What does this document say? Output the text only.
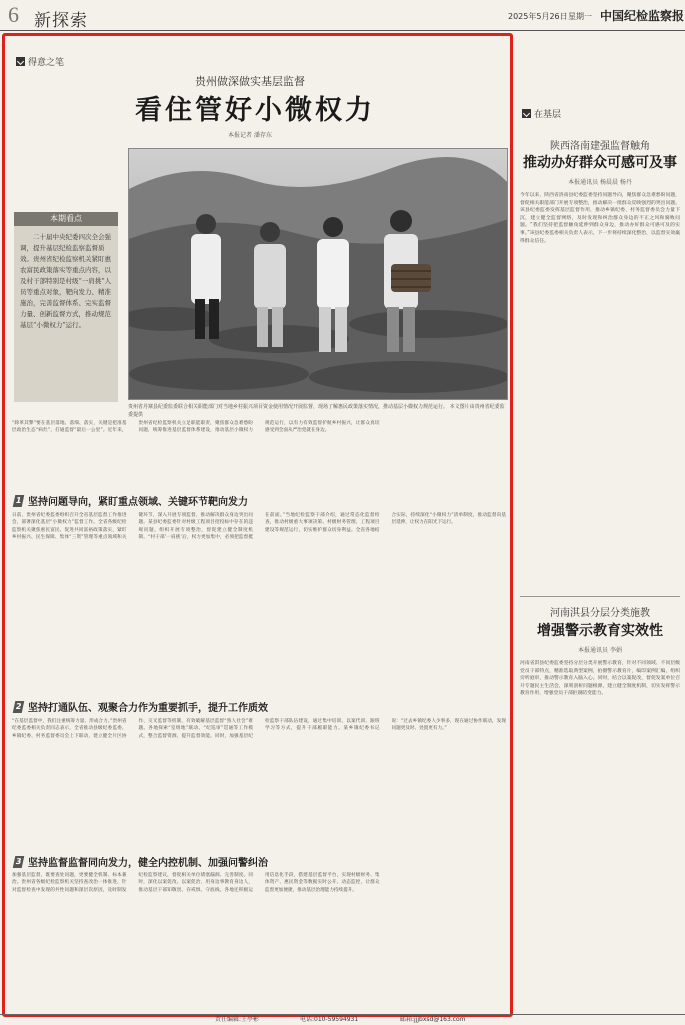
6 新探索	2025年5月26日 星期一 中国纪检监察报
得意之笔
贵州做深做实基层监督
看住管好小微权力
本报记者 潘存东
贵州省丹寨县纪委监委联合相关职能部门对当地乡村振兴项目资金使用情况开展监督，现场了解惠民政策落实情况，推动基层小微权力规范运行。 本文图片由贵州省纪委监委提供
本期看点
二十届中央纪委四次全会强调，提升基层纪检监察监督质效。贵州省纪检监察机关紧盯惠农富民政策落实等重点内容，以及村干部特别是村级“一肩挑”人员等重点对象，靶向发力、精准施治，完善监督体系、完实监督力量、创新监督方式，推动规范基层“小微权力”运行。
“除革其弊”要在基层落地、落细、落实，关键是把准基层政治生态“病灶”，打通监督“最后一公里”。近年来，贵州省纪检监察机关立足职能职责，聚焦群众急难愁盼问题，统筹推进基层监督体系建设，推动基层小微权力规范运行，以有力有效监督护航乡村振兴，让群众真切感受到全面从严治党就在身边。
1 坚持问题导向，紧盯重点领域、关键环节靶向发力
日前，贵州省纪委监委组织召开全省基层监督工作推进会，部署深化基层“小微权力”监督工作。全省各级纪检监察机关聚焦惠民富民、促进共同富裕政策落实，紧盯乡村振兴、民生保障、集体“三资”管理等重点领域和关键环节，深入开展专项监督，推动解决群众身边突出问题。某县纪委监委针对村级工程项目招投标中存在的违规问题，组织开展专项整治，督促建立健全制度机制。“村干部‘一肩挑’后，权力更加集中，必须把监督挺在前面。”当地纪检监察干部介绍，通过常态化监督检查，推动村级重大事项决策、村级财务管理、工程项目建设等规范运行，切实维护群众切身利益。全省各地结合实际，持续深化“小微权力”清单制度，推动监督向基层延伸，让权力在阳光下运行。
2 坚持打通队伍、观聚合力作为重要抓手，提升工作质效
“在基层监督中，我们注重统筹力量、形成合力。”贵州省纪委监委相关负责同志表示，全省推动县级纪委监委、乡镇纪委、村务监督委员会上下联动，建立健全片区协作、交叉监督等机制，有效破解基层监督“熟人社会”难题。各地探索“室组地”联动、“纪巡审”贯通等工作模式，整合监督资源，提升监督效能。同时，加强基层纪检监察干部队伍建设，通过集中培训、以案代训、跟班学习等方式，提升干部履职能力。某乡镇纪委书记说：“过去乡镇纪委人少事多，现在通过协作联动，发现问题更及时、处置更有力。”
3 坚持监督监督同向发力，健全内控机制、加强问警纠治
加强基层监督，既要查处问题，更要健全机制、标本兼治。贵州省各级纪检监察机关坚持查改治一体推进，针对监督检查中发现的共性问题和深层次原因，及时制发纪检监察建议，督促相关单位堵塞漏洞、完善制度。同时，深化以案促改、以案促治，用身边事教育身边人，推动基层干部知敬畏、存戒惧、守底线。各地还积极运用信息化手段，搭建基层监督平台，实现村级财务、集体资产、惠民资金等数据实时公开、动态监控，让群众监督更加便捷，推动基层治理能力持续提升。
在基层
陕西洛南建强监督触角
推动办好群众可感可及事
本报通讯员 杨晨晨 杨丹
今年以来，陕西省洛南县纪委监委坚持问题导向，聚焦群众急难愁盼问题，督促相关职能部门开展专项整治，推动解决一批群众反映强烈的突出问题。该县纪委监委发挥基层监督作用，推动乡镇纪委、村务监督委员会力量下沉，建立健全监督网络，及时发现和纠治群众身边的不正之风和腐败问题。“我们坚持把监督触角延伸到群众身边，推动办好群众可感可及的实事。”该县纪委监委相关负责人表示，下一步将持续深化整治，以监督实效赢得群众信任。
河南淇县分层分类施教
增强警示教育实效性
本报通讯员 李娟
河南省淇县纪委监委坚持分层分类开展警示教育，针对不同领域、不同层级党员干部特点，精准选取典型案例，拍摄警示教育片，编印案例汇编，组织旁听庭审，推动警示教育入脑入心。同时，结合以案促改，督促发案单位召开专题民主生活会，深刻剖析问题根源，建立健全制度机制，切实发挥警示教育作用，增强党员干部拒腐防变能力。
责任编辑:王亭彬	电话:010-59594931	邮箱:jjjbxsd@163.com
